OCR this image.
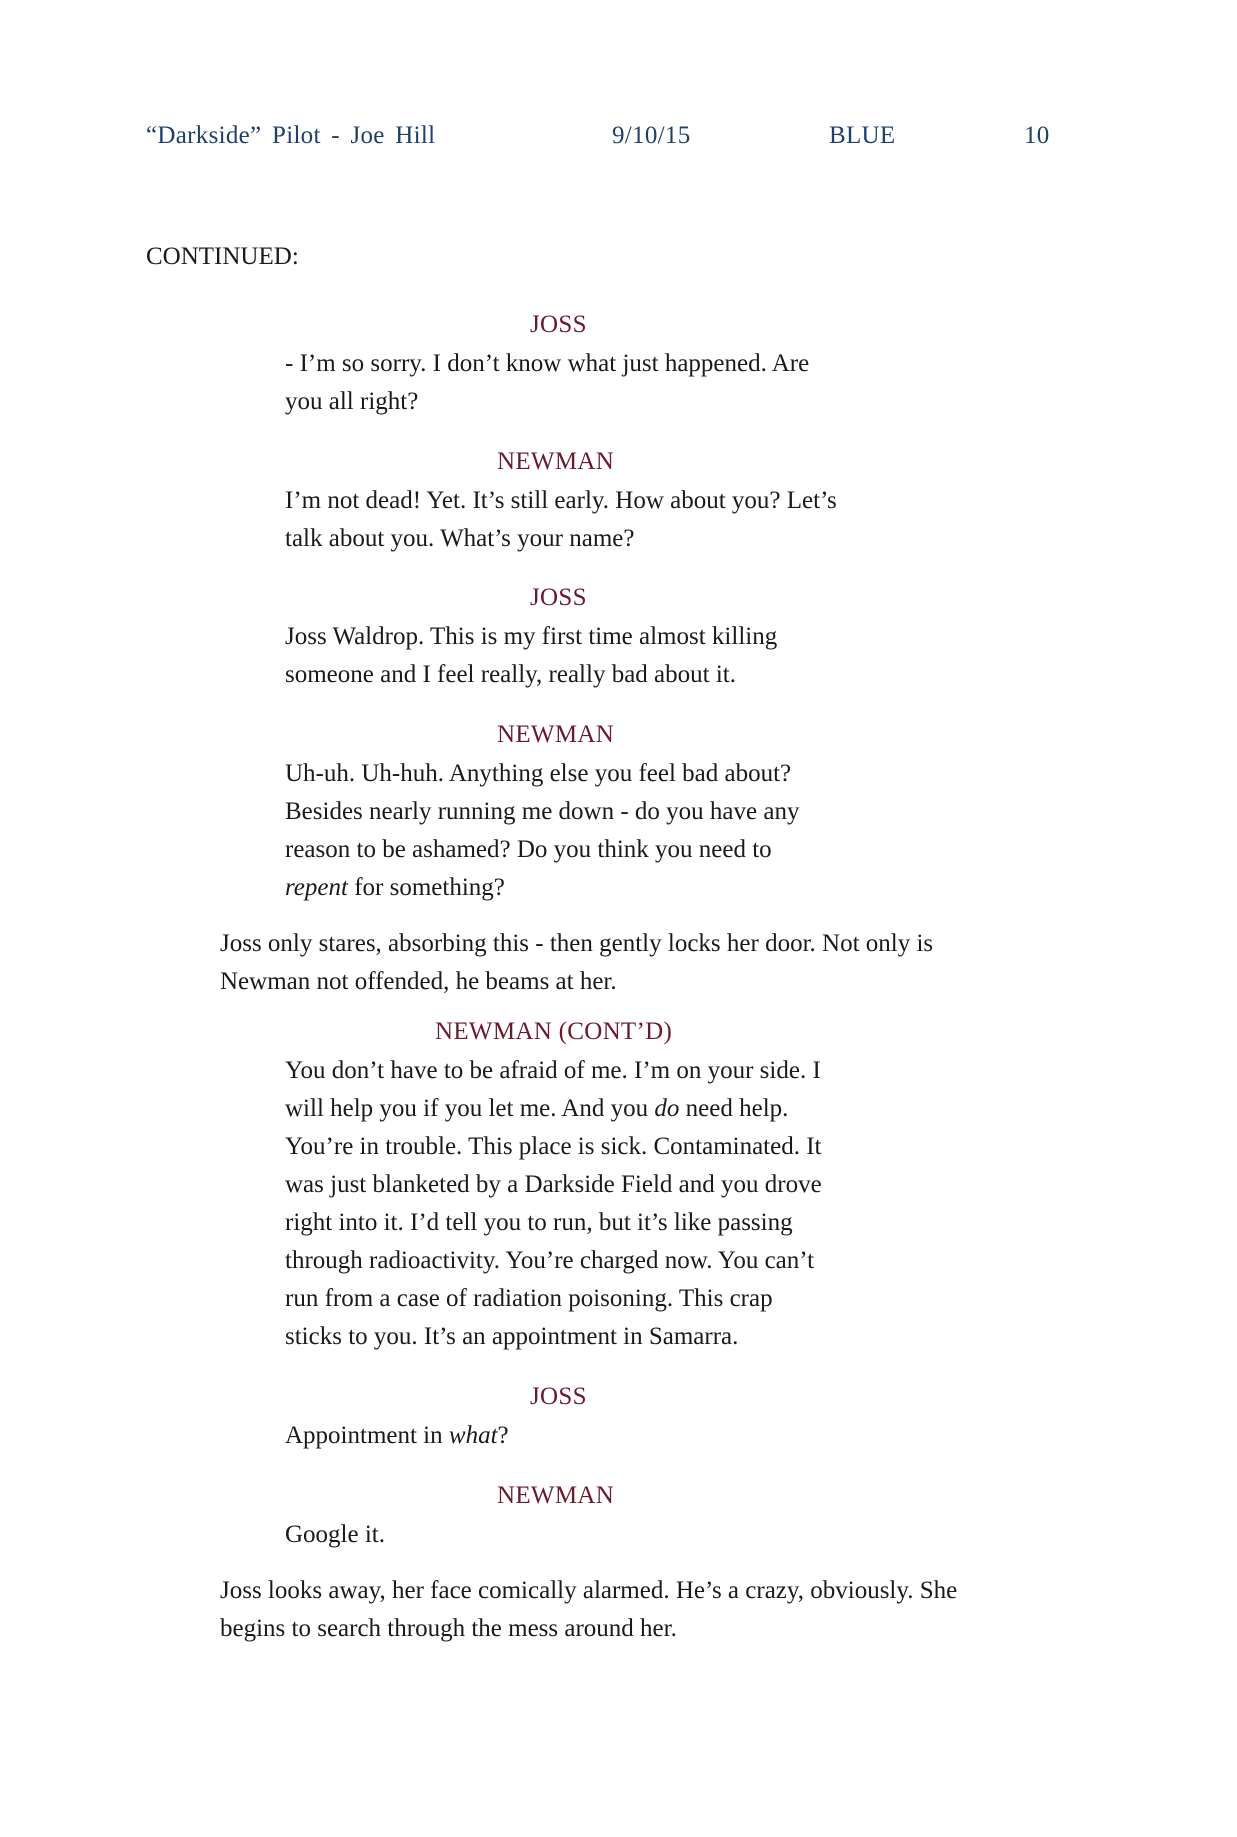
“Darkside” Pilot - Joe Hill	9/10/15	BLUE	10
CONTINUED:
JOSS
- I’m so sorry. I don’t know what just happened. Are
you all right?
NEWMAN
I’m not dead! Yet. It’s still early. How about you? Let’s
talk about you. What’s your name?
JOSS
Joss Waldrop. This is my first time almost killing
someone and I feel really, really bad about it.
NEWMAN
Uh-uh. Uh-huh. Anything else you feel bad about?
Besides nearly running me down - do you have any
reason to be ashamed? Do you think you need to
repent for something?
Joss only stares, absorbing this - then gently locks her door. Not only is
Newman not offended, he beams at her.
NEWMAN (CONT’D)
You don’t have to be afraid of me. I’m on your side. I
will help you if you let me. And you do need help.
You’re in trouble. This place is sick. Contaminated. It
was just blanketed by a Darkside Field and you drove
right into it. I’d tell you to run, but it’s like passing
through radioactivity. You’re charged now. You can’t
run from a case of radiation poisoning. This crap
sticks to you. It’s an appointment in Samarra.
JOSS
Appointment in what?
NEWMAN
Google it.
Joss looks away, her face comically alarmed. He’s a crazy, obviously. She
begins to search through the mess around her.
